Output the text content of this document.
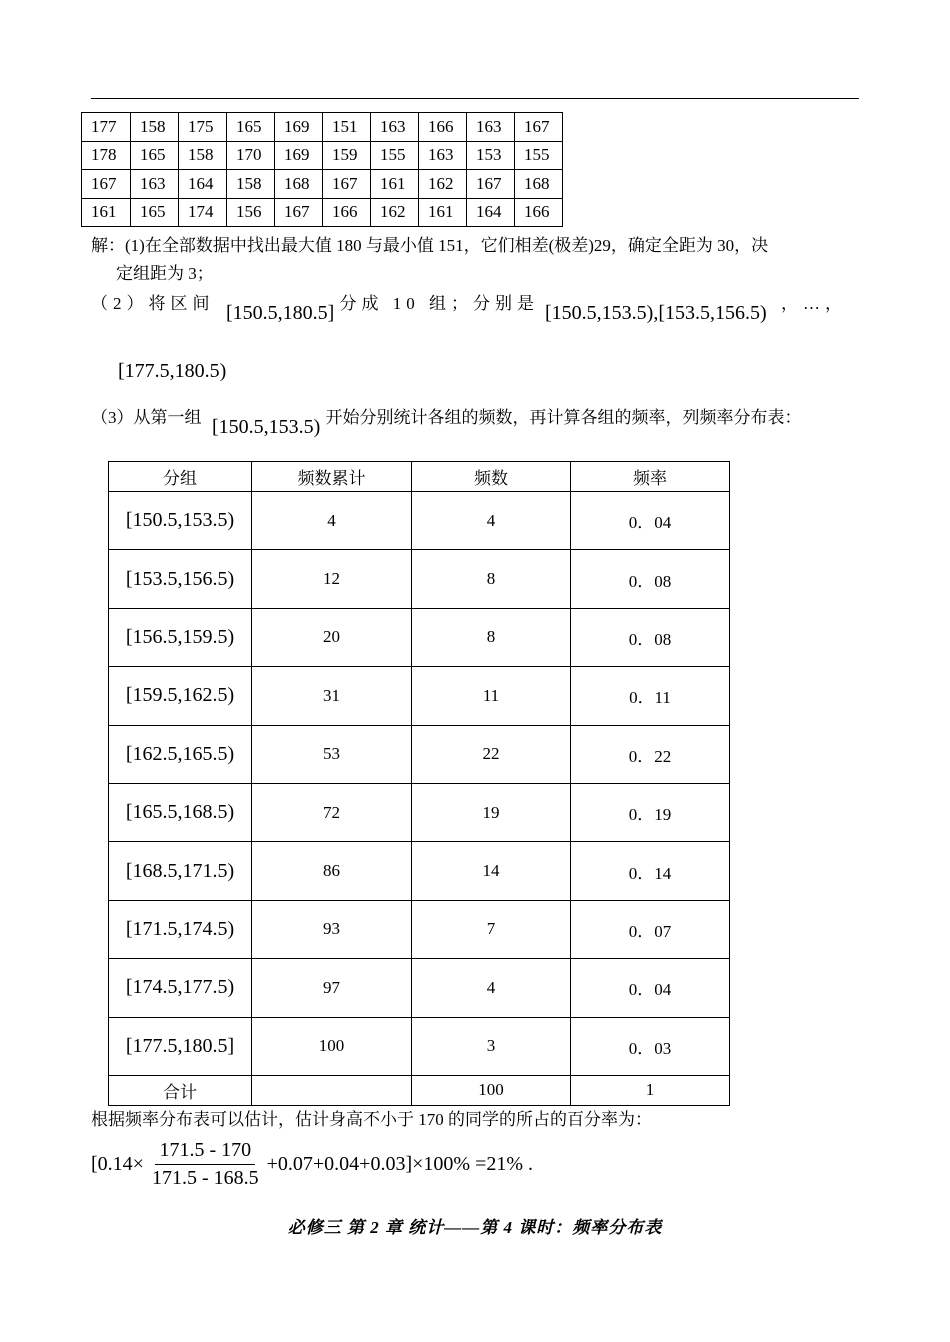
177	158	175	165	169	151	163	166	163	167
178	165	158	170	169	159	155	163	153	155
167	163	164	158	168	167	161	162	167	168
161	165	174	156	167	166	162	161	164	166
解：(1)在全部数据中找出最大值 180 与最小值 151，它们相差(极差)29，确定全距为 30，决
定组距为 3；
（2）将区间	分成 10 组；分别是	，…，
[150.5,180.5]	[150.5,153.5),[153.5,156.5)
[177.5,180.5)
（3）从第一组	开始分别统计各组的频数，再计算各组的频率，列频率分布表：
[150.5,153.5)
分组	频数累计	频数	频率
[150.5,153.5)	4	4	0．04
[153.5,156.5)	12	8	0．08
[156.5,159.5)	20	8	0．08
[159.5,162.5)	31	11	0．11
[162.5,165.5)	53	22	0．22
[165.5,168.5)	72	19	0．19
[168.5,171.5)	86	14	0．14
[171.5,174.5)	93	7	0．07
[174.5,177.5)	97	4	0．04
[177.5,180.5]	100	3	0．03
合计		100	1
根据频率分布表可以估计，估计身高不小于 170 的同学的所占的百分率为：
$[0.14\times \frac{171.5 - 170}{171.5 - 168.5} +0.07+0.04+0.03]\times 100\% =21\%$ .
必修三 第 2 章 统计——第 4 课时：频率分布表
